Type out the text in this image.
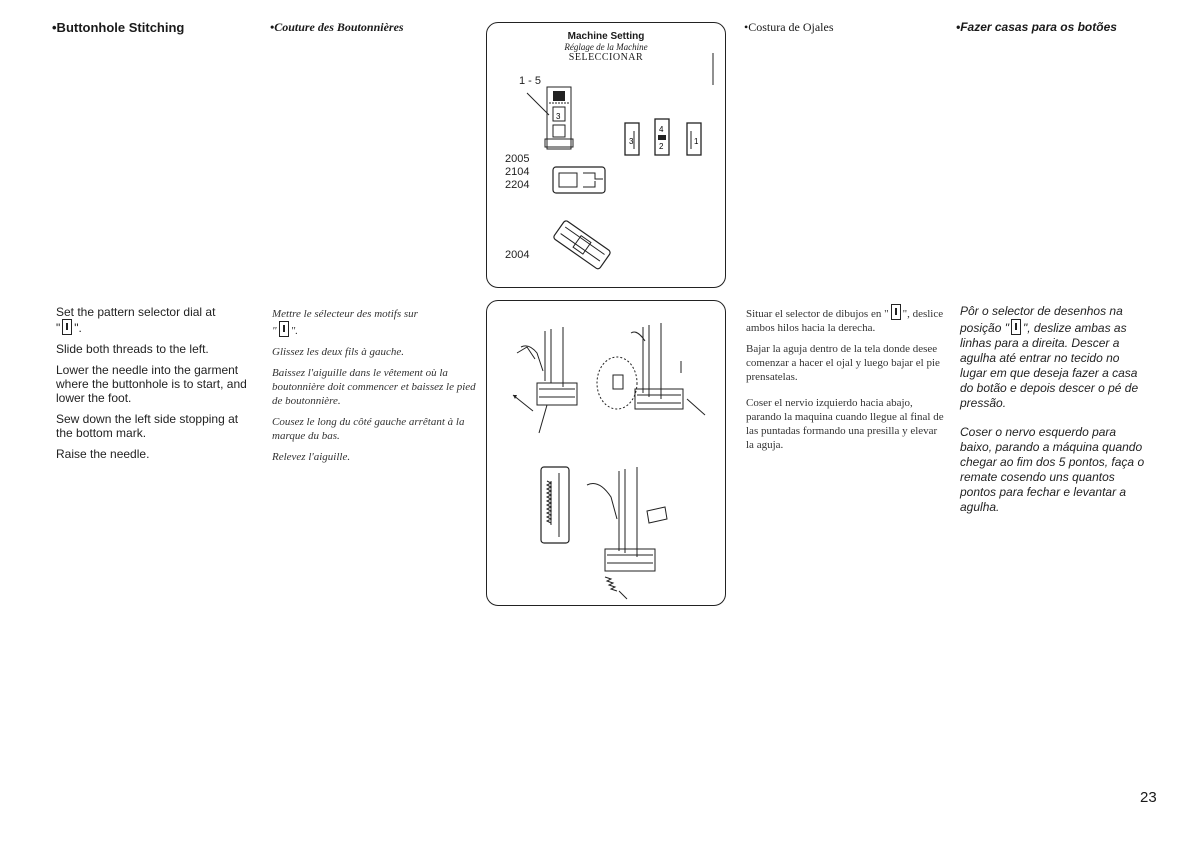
•Buttonhole Stitching	•Couture des Boutonnières	•Costura de Ojales	•Fazer casas para os botões
Machine Setting
Réglage de la Machine
SELECCIONAR
1 - 5
2005
2104
2204
2004
3
3
4
2
1

Set the pattern selector dial at
" ".

Slide both threads to the left.

Lower the needle into the garment where the buttonhole is to start, and lower the foot.

Sew down the left side stopping at the bottom mark.

Raise the needle.

Mettre le sélecteur des motifs sur
" ".

Glissez les deux fils à gauche.

Baissez l'aiguille dans le vêtement où la boutonnière doit commencer et baissez le pied de boutonnière.

Cousez le long du côté gauche arrêtant à la marque du bas.

Relevez l'aiguille.

Situar el selector de dibujos en " ", deslice ambos hilos hacia la derecha.

Bajar la aguja dentro de la tela donde desee comenzar a hacer el ojal y luego bajar el pie prensatelas.

Coser el nervio izquierdo hacia abajo, parando la maquina cuando llegue al final de las puntadas formando una presilla y elevar la aguja.

Pôr o selector de desenhos na posição " ", deslize ambas as linhas para a direita. Descer a agulha até entrar no tecido no lugar em que deseja fazer a casa do botão e depois descer o pé de pressão.

Coser o nervo esquerdo para baixo, parando a máquina quando chegar ao fim dos 5 pontos, faça o remate cosendo uns quantos pontos para fechar e levantar a agulha.

23
